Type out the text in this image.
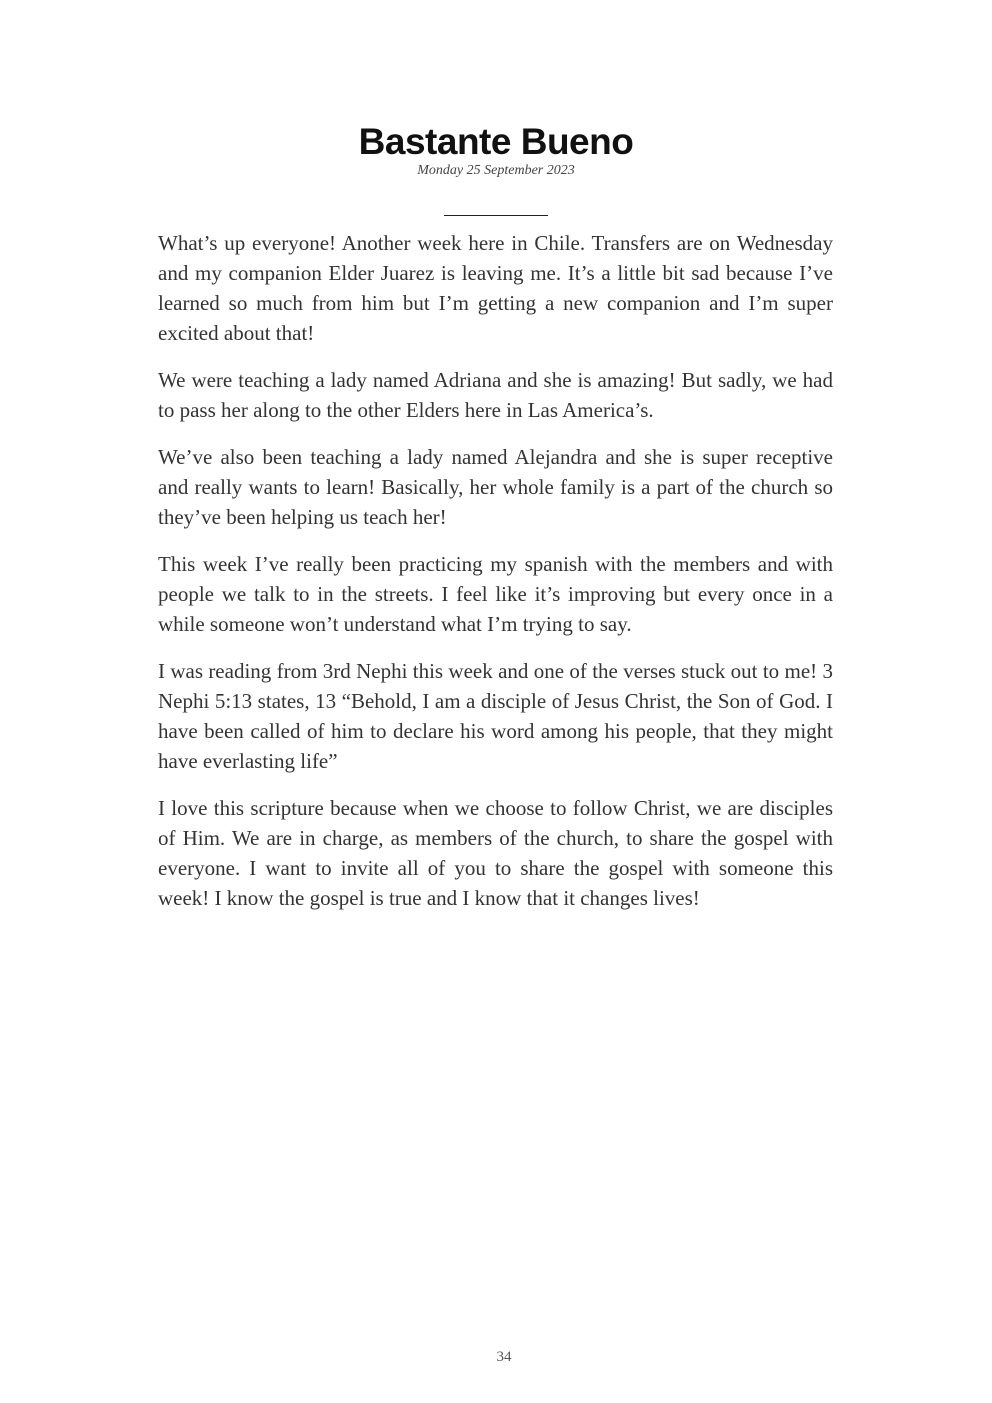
Bastante Bueno
Monday 25 September 2023

What’s up everyone! Another week here in Chile. Transfers are on Wednesday and my companion Elder Juarez is leaving me. It’s a little bit sad because I’ve learned so much from him but I’m getting a new companion and I’m super excited about that!

We were teaching a lady named Adriana and she is amazing! But sadly, we had to pass her along to the other Elders here in Las America’s.

We’ve also been teaching a lady named Alejandra and she is super receptive and really wants to learn! Basically, her whole family is a part of the church so they’ve been helping us teach her!

This week I’ve really been practicing my spanish with the members and with people we talk to in the streets. I feel like it’s improving but every once in a while someone won’t understand what I’m trying to say.

I was reading from 3rd Nephi this week and one of the verses stuck out to me! 3 Nephi 5:13 states, 13 “Behold, I am a disciple of Jesus Christ, the Son of God. I have been called of him to declare his word among his people, that they might have everlasting life”

I love this scripture because when we choose to follow Christ, we are disciples of Him. We are in charge, as members of the church, to share the gospel with everyone. I want to invite all of you to share the gospel with someone this week! I know the gospel is true and I know that it changes lives!

34
